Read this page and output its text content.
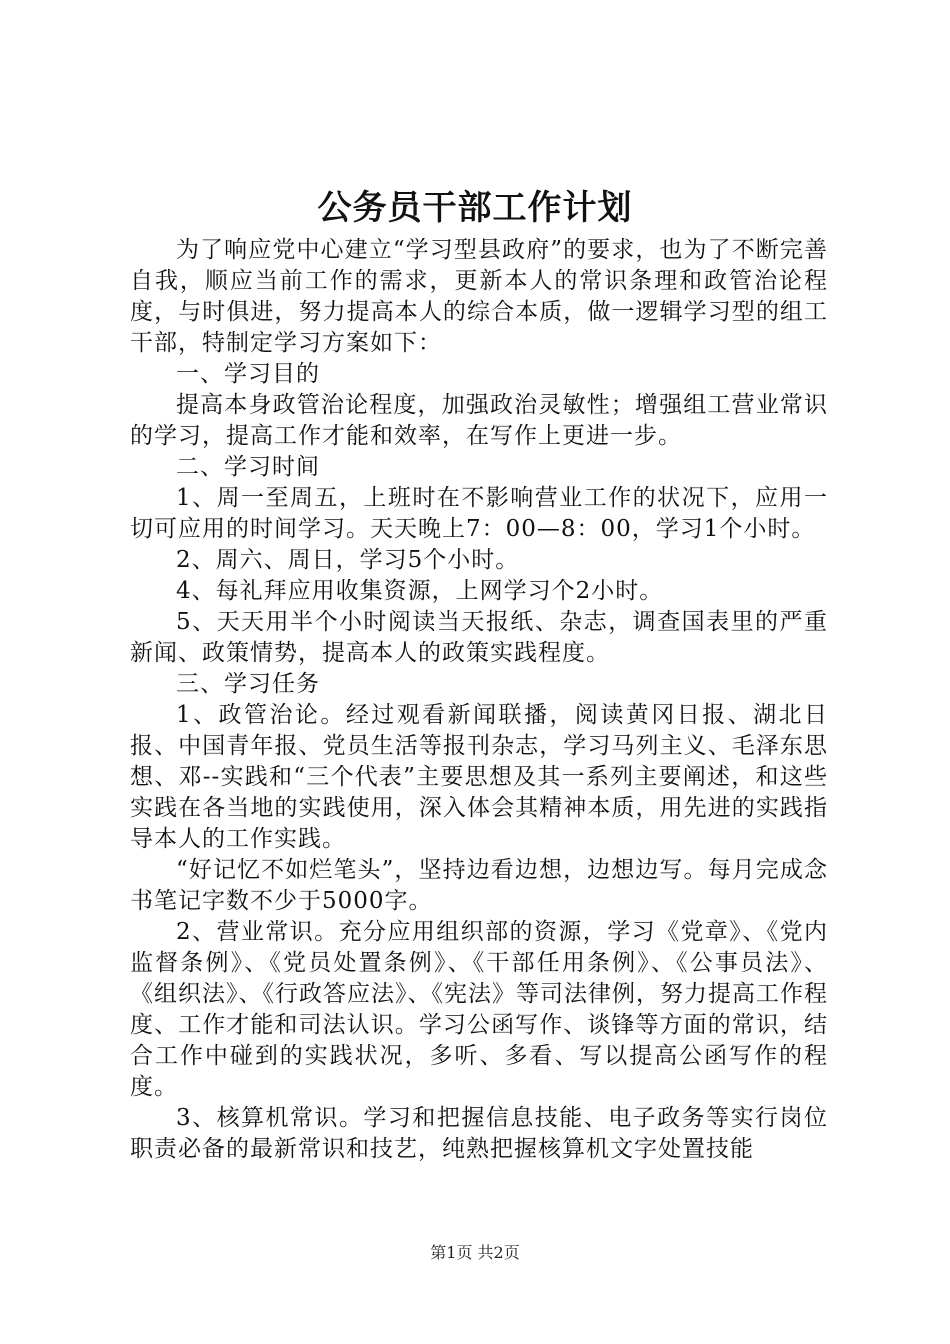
公务员干部工作计划

为了响应党中心建立“学习型县政府”的要求，也为了不断完善自我，顺应当前工作的需求，更新本人的常识条理和政管治论程度，与时俱进，努力提高本人的综合本质，做一逻辑学习型的组工干部，特制定学习方案如下：

一、学习目的

提高本身政管治论程度，加强政治灵敏性；增强组工营业常识的学习，提高工作才能和效率，在写作上更进一步。

二、学习时间

1、周一至周五，上班时在不影响营业工作的状况下，应用一切可应用的时间学习。天天晚上7：00—8：00，学习1个小时。

2、周六、周日，学习5个小时。

4、每礼拜应用收集资源，上网学习个2小时。

5、天天用半个小时阅读当天报纸、杂志，调查国表里的严重新闻、政策情势，提高本人的政策实践程度。

三、学习任务

1、政管治论。经过观看新闻联播，阅读黄冈日报、湖北日报、中国青年报、党员生活等报刊杂志，学习马列主义、毛泽东思想、邓--实践和“三个代表”主要思想及其一系列主要阐述，和这些实践在各当地的实践使用，深入体会其精神本质，用先进的实践指导本人的工作实践。

“好记忆不如烂笔头”，坚持边看边想，边想边写。每月完成念书笔记字数不少于5000字。

2、营业常识。充分应用组织部的资源，学习《党章》、《党内监督条例》、《党员处置条例》、《干部任用条例》、《公事员法》、《组织法》、《行政答应法》、《宪法》等司法律例，努力提高工作程度、工作才能和司法认识。学习公函写作、谈锋等方面的常识，结合工作中碰到的实践状况，多听、多看、写以提高公函写作的程度。

3、核算机常识。学习和把握信息技能、电子政务等实行岗位职责必备的最新常识和技艺，纯熟把握核算机文字处置技能

第1页 共2页
